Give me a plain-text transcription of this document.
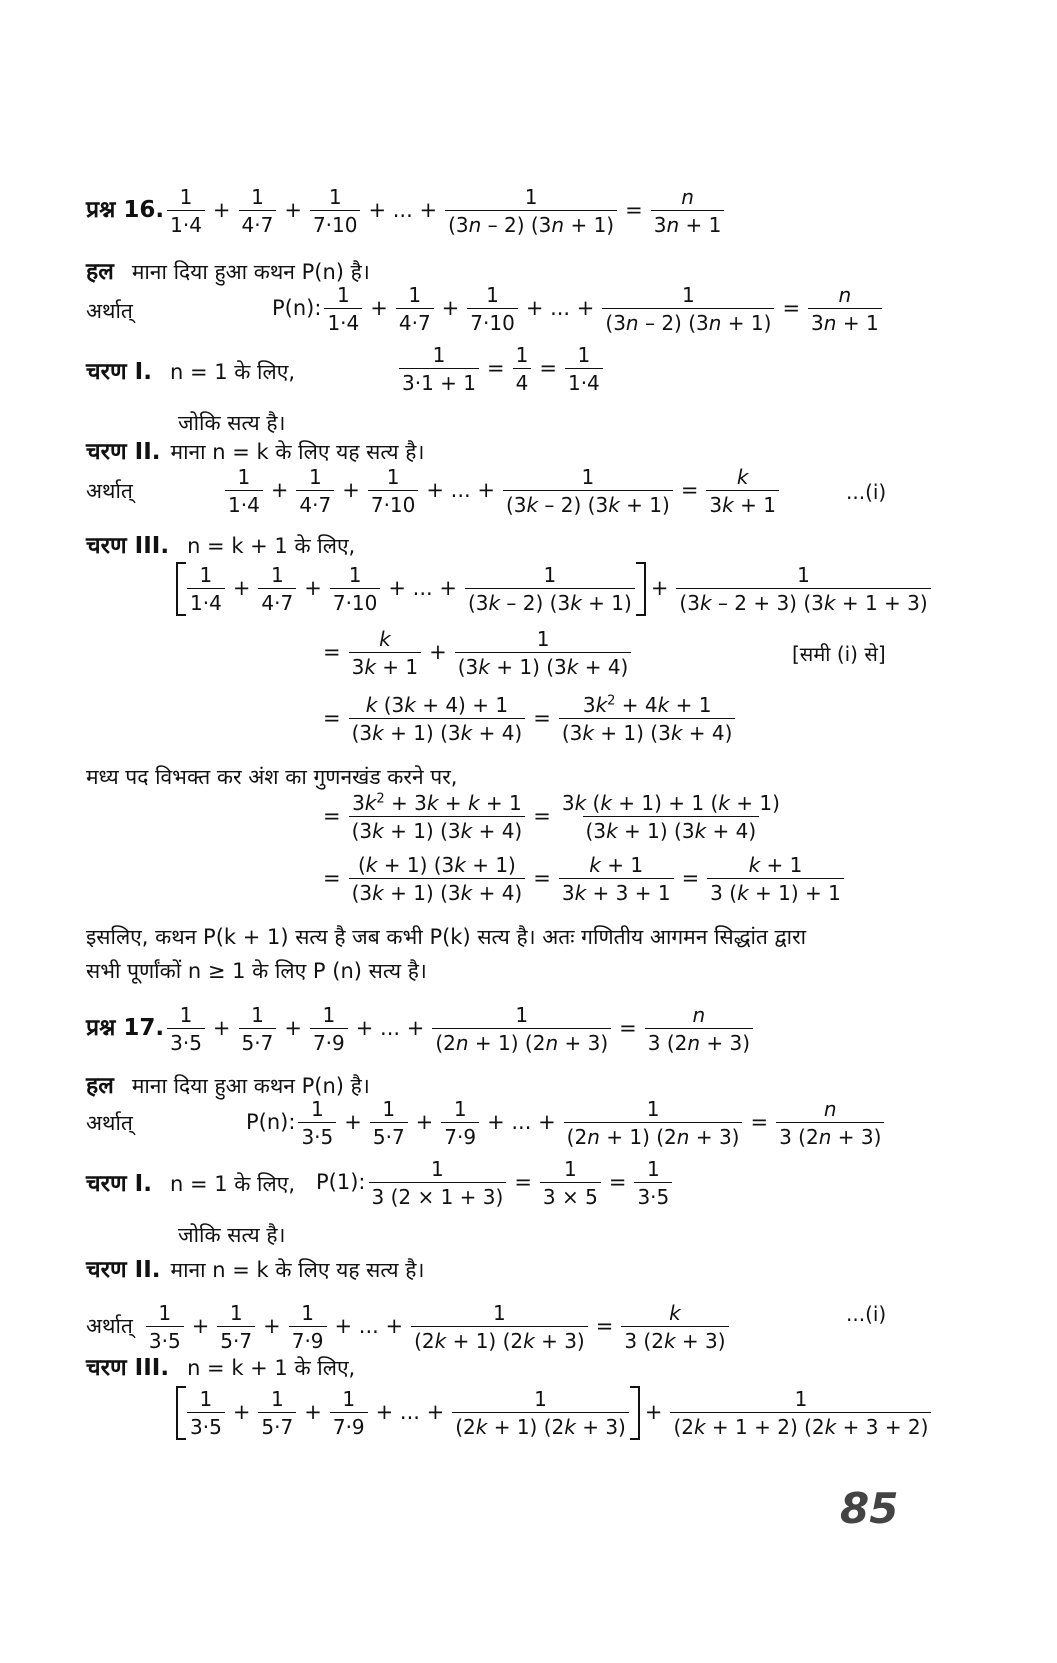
प्रश्न 16.
1
1·4
+ $\frac{1}{4\cdot 7} + \frac{1}{7\cdot 10}$ + ... + $\frac{1}{(3n - 2) (3n + 1)} = \frac{n}{3n + 1}$
हल माना दिया हुआ कथन P(n) है।
अर्थात्	P(n):
1
1·4
+ $\frac{1}{4\cdot 7} + \frac{1}{7\cdot 10}$ + ... + $\frac{1}{(3n - 2) (3n + 1)} = \frac{n}{3n + 1}$
चरण I. n = 1 के लिए,	$\frac{1}{3\cdot 1 + 1} = \frac{1}{4} = \frac{1}{1\cdot 4}$
जोकि सत्य है।
चरण II. माना n = k के लिए यह सत्य है।
अर्थात्
1
1·4
+ $\frac{1}{4\cdot 7} + \frac{1}{7\cdot 10}$ + ... + $\frac{1}{(3k - 2) (3k + 1)} = \frac{k}{3k + 1}$	...(i)
चरण III. n = k + 1 के लिए,
1
1·4
+ $\frac{1}{4\cdot 7} + \frac{1}{7\cdot 10}$ + ... + $\frac{1}{(3k - 2) (3k + 1)} + \frac{1}{(3k - 2 + 3) (3k + 1 + 3)}$
= $\frac{k}{3k + 1} + \frac{1}{(3k + 1) (3k + 4)}$	[समी (i) से]
= $\frac{k (3k + 4) + 1}{(3k + 1) (3k + 4)} = \frac{3k^2 + 4k + 1}{(3k + 1) (3k + 4)}$
मध्य पद विभक्त कर अंश का गुणनखंड करने पर,
= $\frac{3k^2 + 3k + k + 1}{(3k + 1) (3k + 4)} = \frac{3k (k + 1) + 1 (k + 1)}{(3k + 1) (3k + 4)}$
= $\frac{(k + 1) (3k + 1)}{(3k + 1) (3k + 4)} = \frac{k + 1}{3k + 3 + 1} = \frac{k + 1}{3 (k + 1) + 1}$
इसलिए, कथन P(k + 1) सत्य है जब कभी P(k) सत्य है। अतः गणितीय आगमन सिद्धांत द्वारा
सभी पूर्णांकों n ≥ 1 के लिए P (n) सत्य है।
प्रश्न 17.
1
3·5
+ $\frac{1}{5\cdot 7} + \frac{1}{7\cdot 9}$ + ... + $\frac{1}{(2n + 1) (2n + 3)} = \frac{n}{3 (2n + 3)}$
हल माना दिया हुआ कथन P(n) है।
अर्थात्	P(n):
1
3·5
+ $\frac{1}{5\cdot 7} + \frac{1}{7\cdot 9}$ + ... + $\frac{1}{(2n + 1) (2n + 3)} = \frac{n}{3 (2n + 3)}$
चरण I. n = 1 के लिए, P(1): $\frac{1}{3 (2 \times 1 + 3)} = \frac{1}{3 \times 5} = \frac{1}{3\cdot 5}$
जोकि सत्य है।
चरण II. माना n = k के लिए यह सत्य है।
अर्थात्
1
3·5
+ $\frac{1}{5\cdot 7} + \frac{1}{7\cdot 9}$ + ... + $\frac{1}{(2k + 1) (2k + 3)} = \frac{k}{3 (2k + 3)}$	...(i)
चरण III. n = k + 1 के लिए,
1
3·5
+ $\frac{1}{5\cdot 7} + \frac{1}{7\cdot 9}$ + ... + $\frac{1}{(2k + 1) (2k + 3)} + \frac{1}{(2k + 1 + 2) (2k + 3 + 2)}$
85
